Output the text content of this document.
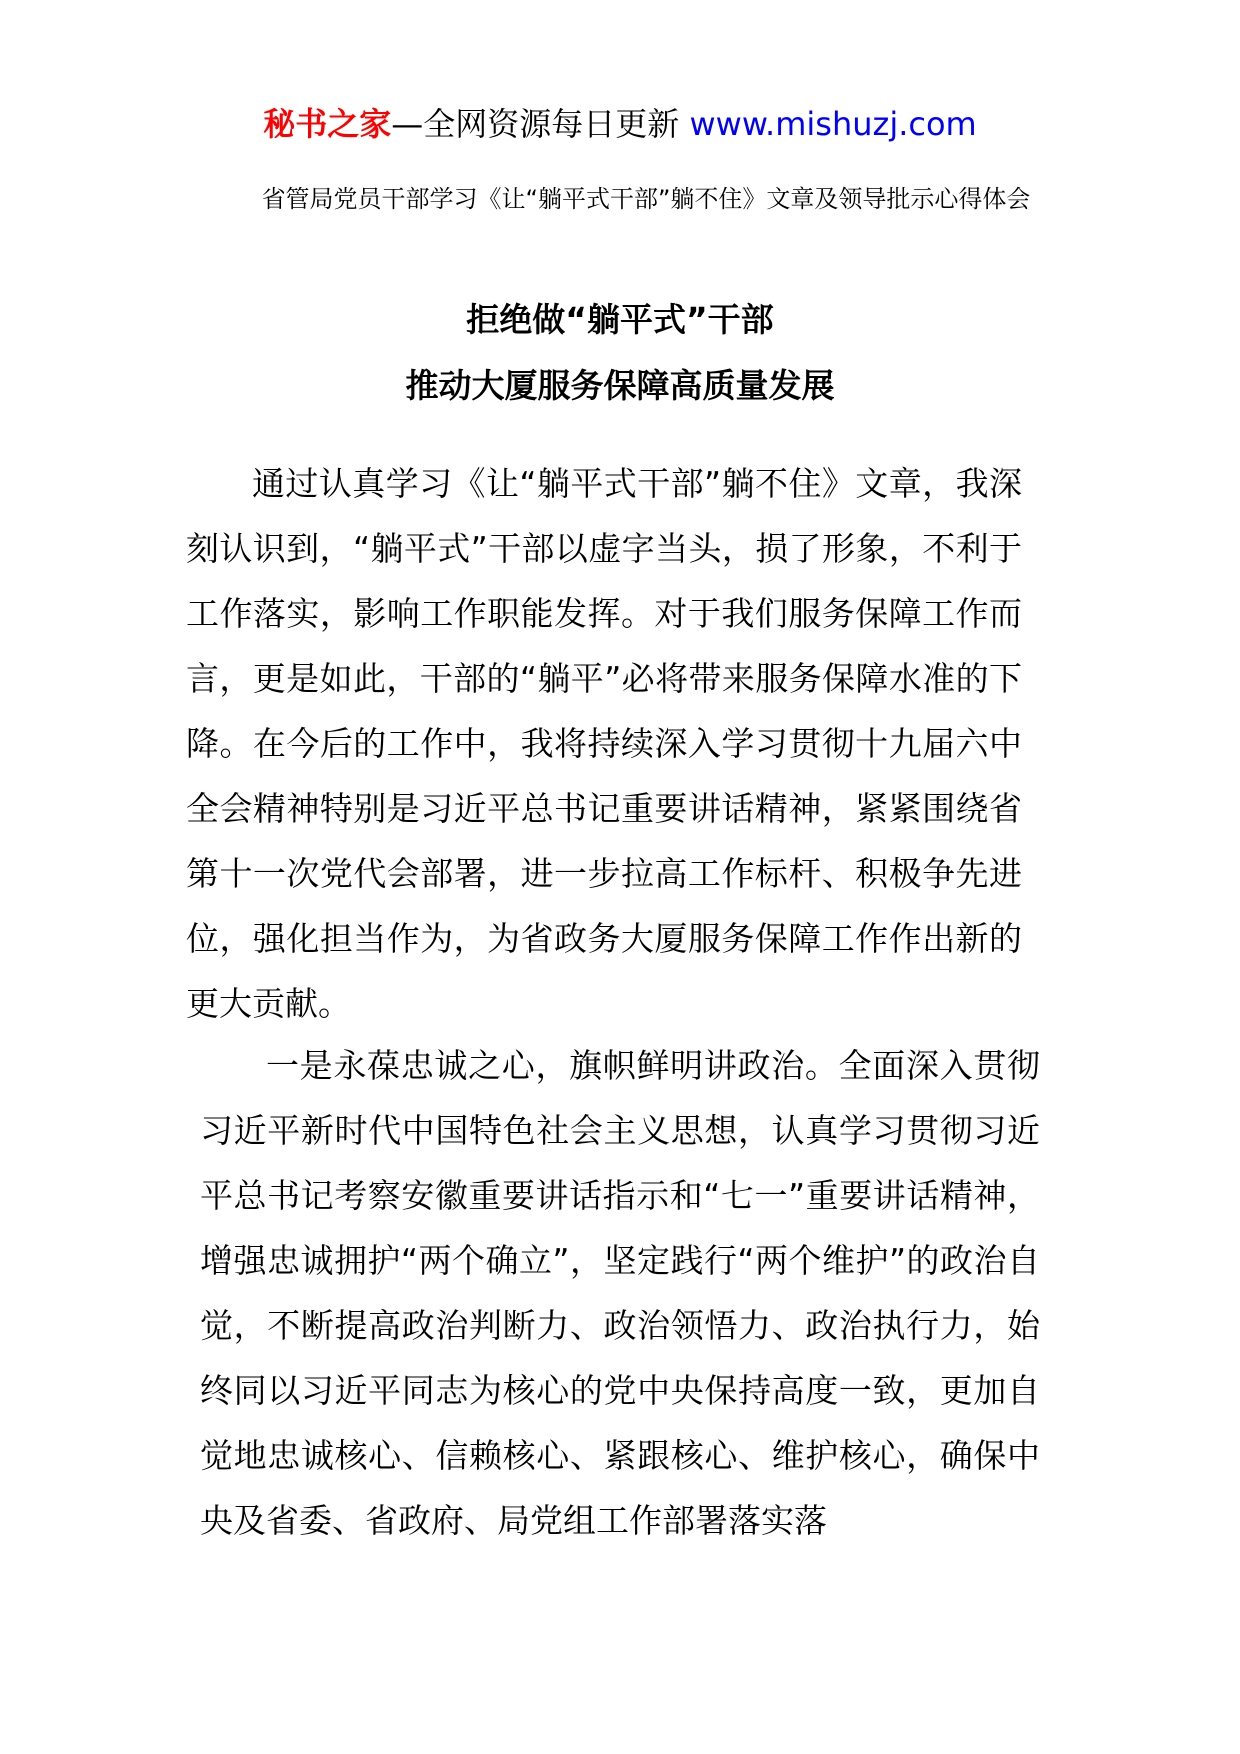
秘书之家—全网资源每日更新 www.mishuzj.com
省管局党员干部学习《让“躺平式干部”躺不住》文章及领导批示心得体会
拒绝做“躺平式”干部
推动大厦服务保障高质量发展

通过认真学习《让“躺平式干部”躺不住》文章，我深刻认识到，“躺平式”干部以虚字当头，损了形象，不利于工作落实，影响工作职能发挥。对于我们服务保障工作而言，更是如此，干部的“躺平”必将带来服务保障水准的下降。在今后的工作中，我将持续深入学习贯彻十九届六中全会精神特别是习近平总书记重要讲话精神，紧紧围绕省第十一次党代会部署，进一步拉高工作标杆、积极争先进位，强化担当作为，为省政务大厦服务保障工作作出新的更大贡献。

一是永葆忠诚之心，旗帜鲜明讲政治。全面深入贯彻习近平新时代中国特色社会主义思想，认真学习贯彻习近平总书记考察安徽重要讲话指示和“七一”重要讲话精神，增强忠诚拥护“两个确立”，坚定践行“两个维护”的政治自觉，不断提高政治判断力、政治领悟力、政治执行力，始终同以习近平同志为核心的党中央保持高度一致，更加自觉地忠诚核心、信赖核心、紧跟核心、维护核心，确保中央及省委、省政府、局党组工作部署落实落
